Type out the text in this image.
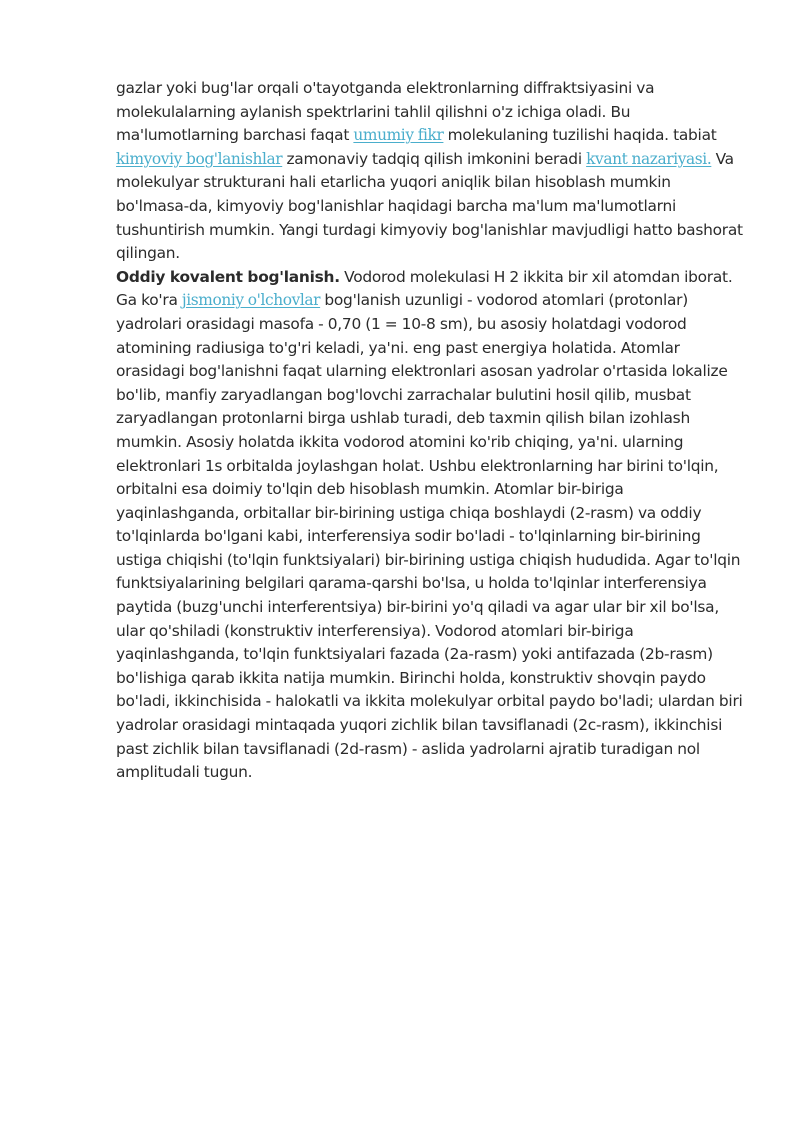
gazlar yoki bug'lar orqali o'tayotganda elektronlarning diffraktsiyasini va molekulalarning aylanish spektrlarini tahlil qilishni o'z ichiga oladi. Bu ma'lumotlarning barchasi faqat umumiy fikr molekulaning tuzilishi haqida. tabiat kimyoviy bog'lanishlar zamonaviy tadqiq qilish imkonini beradi kvant nazariyasi. Va molekulyar strukturani hali etarlicha yuqori aniqlik bilan hisoblash mumkin bo'lmasa-da, kimyoviy bog'lanishlar haqidagi barcha ma'lum ma'lumotlarni tushuntirish mumkin. Yangi turdagi kimyoviy bog'lanishlar mavjudligi hatto bashorat qilingan.

Oddiy kovalent bog'lanish. Vodorod molekulasi H 2 ikkita bir xil atomdan iborat. Ga ko'ra jismoniy o'lchovlar bog'lanish uzunligi - vodorod atomlari (protonlar) yadrolari orasidagi masofa - 0,70 (1 = 10-8 sm), bu asosiy holatdagi vodorod atomining radiusiga to'g'ri keladi, ya'ni. eng past energiya holatida. Atomlar orasidagi bog'lanishni faqat ularning elektronlari asosan yadrolar o'rtasida lokalize bo'lib, manfiy zaryadlangan bog'lovchi zarrachalar bulutini hosil qilib, musbat zaryadlangan protonlarni birga ushlab turadi, deb taxmin qilish bilan izohlash mumkin. Asosiy holatda ikkita vodorod atomini ko'rib chiqing, ya'ni. ularning elektronlari 1s orbitalda joylashgan holat. Ushbu elektronlarning har birini to'lqin, orbitalni esa doimiy to'lqin deb hisoblash mumkin. Atomlar bir-biriga yaqinlashganda, orbitallar bir-birining ustiga chiqa boshlaydi (2-rasm) va oddiy to'lqinlarda bo'lgani kabi, interferensiya sodir bo'ladi - to'lqinlarning bir-birining ustiga chiqishi (to'lqin funktsiyalari) bir-birining ustiga chiqish hududida. Agar to'lqin funktsiyalarining belgilari qarama-qarshi bo'lsa, u holda to'lqinlar interferensiya paytida (buzg'unchi interferentsiya) bir-birini yo'q qiladi va agar ular bir xil bo'lsa, ular qo'shiladi (konstruktiv interferensiya). Vodorod atomlari bir-biriga yaqinlashganda, to'lqin funktsiyalari fazada (2a-rasm) yoki antifazada (2b-rasm) bo'lishiga qarab ikkita natija mumkin. Birinchi holda, konstruktiv shovqin paydo bo'ladi, ikkinchisida - halokatli va ikkita molekulyar orbital paydo bo'ladi; ulardan biri yadrolar orasidagi mintaqada yuqori zichlik bilan tavsiflanadi (2c-rasm), ikkinchisi past zichlik bilan tavsiflanadi (2d-rasm) - aslida yadrolarni ajratib turadigan nol amplitudali tugun.
